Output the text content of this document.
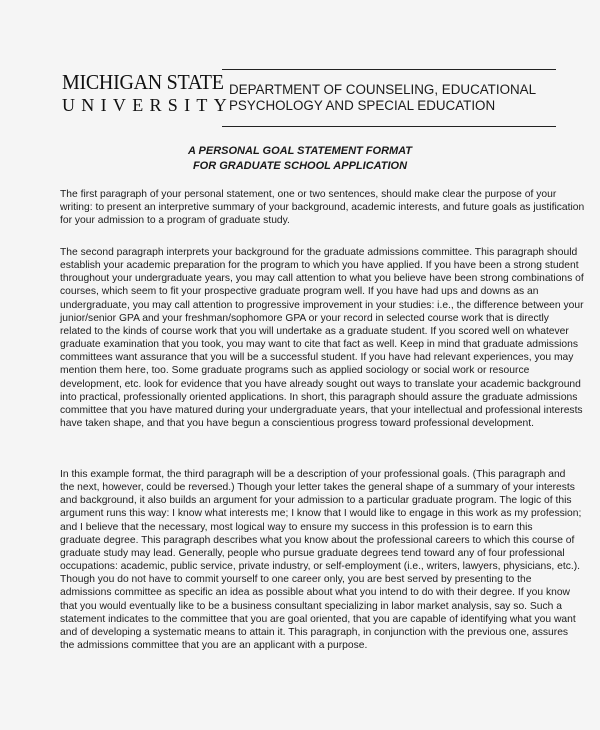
MICHIGAN STATE
UNIVERSITY
DEPARTMENT OF COUNSELING, EDUCATIONAL
PSYCHOLOGY AND SPECIAL EDUCATION
A PERSONAL GOAL STATEMENT FORMAT
FOR GRADUATE SCHOOL APPLICATION
The first paragraph of your personal statement, one or two sentences, should make clear the purpose of your
writing: to present an interpretive summary of your background, academic interests, and future goals as justification
for your admission to a program of graduate study.
The second paragraph interprets your background for the graduate admissions committee. This paragraph should
establish your academic preparation for the program to which you have applied. If you have been a strong student
throughout your undergraduate years, you may call attention to what you believe have been strong combinations of
courses, which seem to fit your prospective graduate program well. If you have had ups and downs as an
undergraduate, you may call attention to progressive improvement in your studies: i.e., the difference between your
junior/senior GPA and your freshman/sophomore GPA or your record in selected course work that is directly
related to the kinds of course work that you will undertake as a graduate student. If you scored well on whatever
graduate examination that you took, you may want to cite that fact as well. Keep in mind that graduate admissions
committees want assurance that you will be a successful student. If you have had relevant experiences, you may
mention them here, too. Some graduate programs such as applied sociology or social work or resource
development, etc. look for evidence that you have already sought out ways to translate your academic background
into practical, professionally oriented applications. In short, this paragraph should assure the graduate admissions
committee that you have matured during your undergraduate years, that your intellectual and professional interests
have taken shape, and that you have begun a conscientious progress toward professional development.
In this example format, the third paragraph will be a description of your professional goals. (This paragraph and
the next, however, could be reversed.) Though your letter takes the general shape of a summary of your interests
and background, it also builds an argument for your admission to a particular graduate program. The logic of this
argument runs this way: I know what interests me; I know that I would like to engage in this work as my profession;
and I believe that the necessary, most logical way to ensure my success in this profession is to earn this
graduate degree. This paragraph describes what you know about the professional careers to which this course of
graduate study may lead. Generally, people who pursue graduate degrees tend toward any of four professional
occupations: academic, public service, private industry, or self-employment (i.e., writers, lawyers, physicians, etc.).
Though you do not have to commit yourself to one career only, you are best served by presenting to the
admissions committee as specific an idea as possible about what you intend to do with their degree. If you know
that you would eventually like to be a business consultant specializing in labor market analysis, say so. Such a
statement indicates to the committee that you are goal oriented, that you are capable of identifying what you want
and of developing a systematic means to attain it. This paragraph, in conjunction with the previous one, assures
the admissions committee that you are an applicant with a purpose.
